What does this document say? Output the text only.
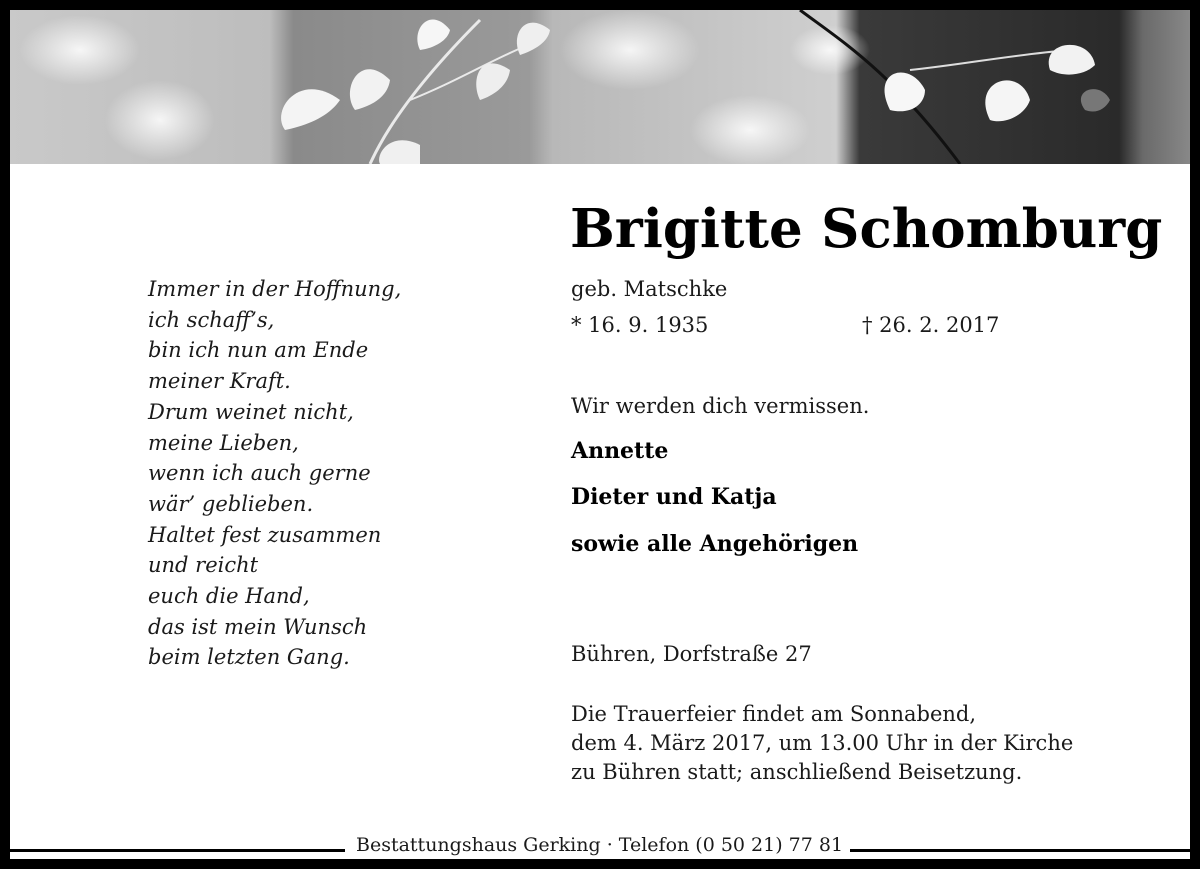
Immer in der Hoffnung,
ich schaff’s,
bin ich nun am Ende
meiner Kraft.
Drum weinet nicht,
meine Lieben,
wenn ich auch gerne
wär’ geblieben.
Haltet fest zusammen
und reicht
euch die Hand,
das ist mein Wunsch
beim letzten Gang.
Brigitte Schomburg
geb. Matschke
* 16. 9. 1935	† 26. 2. 2017
Wir werden dich vermissen.
Annette
Dieter und Katja
sowie alle Angehörigen
Bühren, Dorfstraße 27
Die Trauerfeier findet am Sonnabend,
dem 4. März 2017, um 13.00 Uhr in der Kirche
zu Bühren statt; anschließend Beisetzung.
Bestattungshaus Gerking · Telefon (0 50 21) 77 81
